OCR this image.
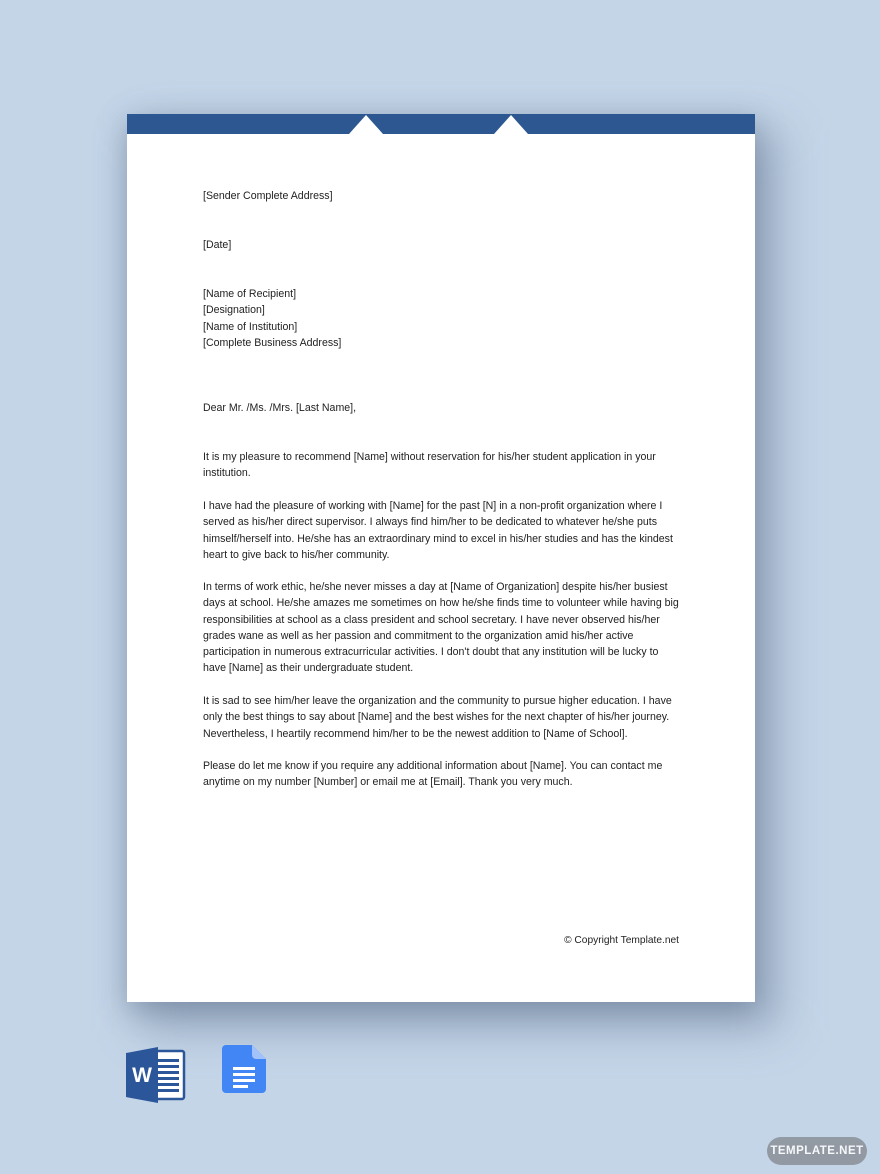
[Sender Complete Address]

[Date]

[Name of Recipient]

[Designation]

[Name of Institution]

[Complete Business Address]

Dear Mr. /Ms. /Mrs. [Last Name],

It is my pleasure to recommend [Name] without reservation for his/her student application in your institution.

I have had the pleasure of working with [Name] for the past [N] in a non-profit organization where I served as his/her direct supervisor. I always find him/her to be dedicated to whatever he/she puts himself/herself into. He/she has an extraordinary mind to excel in his/her studies and has the kindest heart to give back to his/her community.

In terms of work ethic, he/she never misses a day at [Name of Organization] despite his/her busiest days at school. He/she amazes me sometimes on how he/she finds time to volunteer while having big responsibilities at school as a class president and school secretary. I have never observed his/her grades wane as well as her passion and commitment to the organization amid his/her active participation in numerous extracurricular activities. I don't doubt that any institution will be lucky to have [Name] as their undergraduate student.

It is sad to see him/her leave the organization and the community to pursue higher education. I have only the best things to say about [Name] and the best wishes for the next chapter of his/her journey. Nevertheless, I heartily recommend him/her to be the newest addition to [Name of School].

Please do let me know if you require any additional information about [Name]. You can contact me anytime on my number [Number] or email me at [Email]. Thank you very much.

© Copyright Template.net
W
TEMPLATE.NET
